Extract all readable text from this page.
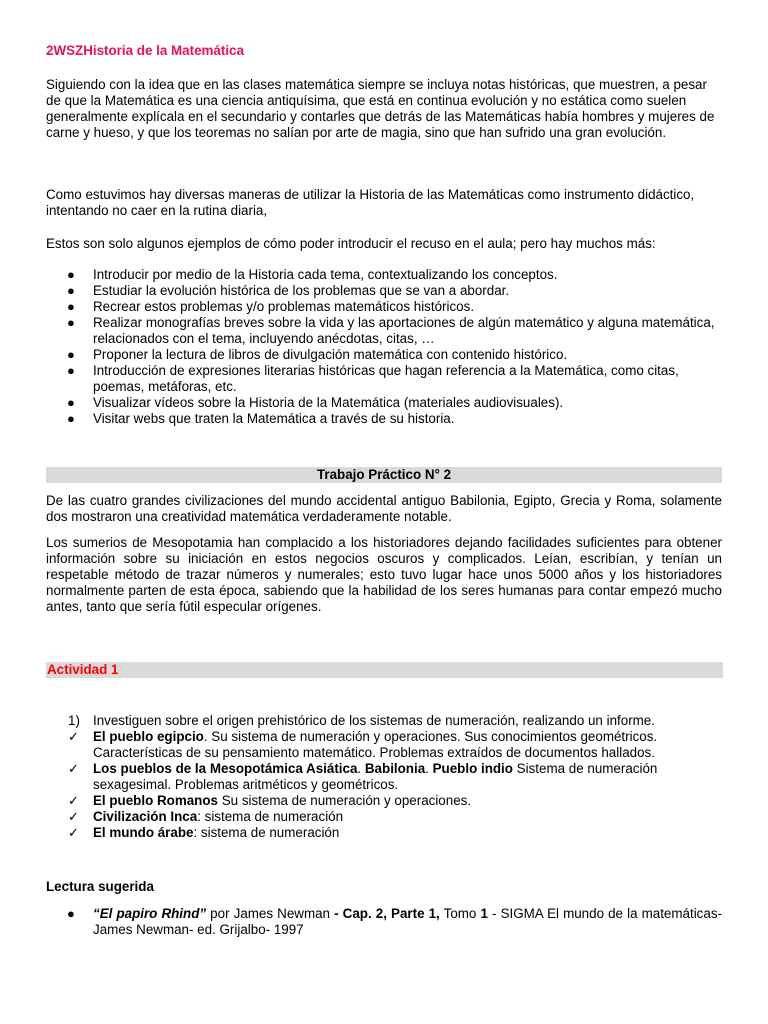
2WSZHistoria de la Matemática

Siguiendo con la idea que en las clases matemática siempre se incluya notas históricas, que muestren, a pesar de que la Matemática es una ciencia antiquísima, que está en continua evolución y no estática como suelen generalmente explícala en el secundario y contarles que detrás de las Matemáticas había hombres y mujeres de carne y hueso, y que los teoremas no salían por arte de magia, sino que han sufrido una gran evolución.

Como estuvimos hay diversas maneras de utilizar la Historia de las Matemáticas como instrumento didáctico, intentando no caer en la rutina diaria,

Estos son solo algunos ejemplos de cómo poder introducir el recuso en el aula; pero hay muchos más:

● Introducir por medio de la Historia cada tema, contextualizando los conceptos.
● Estudiar la evolución histórica de los problemas que se van a abordar.
● Recrear estos problemas y/o problemas matemáticos históricos.
● Realizar monografías breves sobre la vida y las aportaciones de algún matemático y alguna matemática, relacionados con el tema, incluyendo anécdotas, citas, …
● Proponer la lectura de libros de divulgación matemática con contenido histórico.
● Introducción de expresiones literarias históricas que hagan referencia a la Matemática, como citas, poemas, metáforas, etc.
● Visualizar vídeos sobre la Historia de la Matemática (materiales audiovisuales).
● Visitar webs que traten la Matemática a través de su historia.
Trabajo Práctico N° 2

De las cuatro grandes civilizaciones del mundo accidental antiguo Babilonia, Egipto, Grecia y Roma, solamente dos mostraron una creatividad matemática verdaderamente notable.

Los sumerios de Mesopotamia han complacido a los historiadores dejando facilidades suficientes para obtener información sobre su iniciación en estos negocios oscuros y complicados. Leían, escribían, y tenían un respetable método de trazar números y numerales; esto tuvo lugar hace unos 5000 años y los historiadores normalmente parten de esta época, sabiendo que la habilidad de los seres humanas para contar empezó mucho antes, tanto que sería fútil especular orígenes.

Actividad 1
1) Investiguen sobre el origen prehistórico de los sistemas de numeración, realizando un informe.
✓ El pueblo egipcio. Su sistema de numeración y operaciones. Sus conocimientos geométricos. Características de su pensamiento matemático. Problemas extraídos de documentos hallados.
✓ Los pueblos de la Mesopotámica Asiática. Babilonia. Pueblo indio Sistema de numeración sexagesimal. Problemas aritméticos y geométricos.
✓ El pueblo Romanos Su sistema de numeración y operaciones.
✓ Civilización Inca: sistema de numeración
✓ El mundo árabe: sistema de numeración

Lectura sugerida

● “El papiro Rhind” por James Newman - Cap. 2, Parte 1, Tomo 1 - SIGMA El mundo de la matemáticas- James Newman- ed. Grijalbo- 1997
